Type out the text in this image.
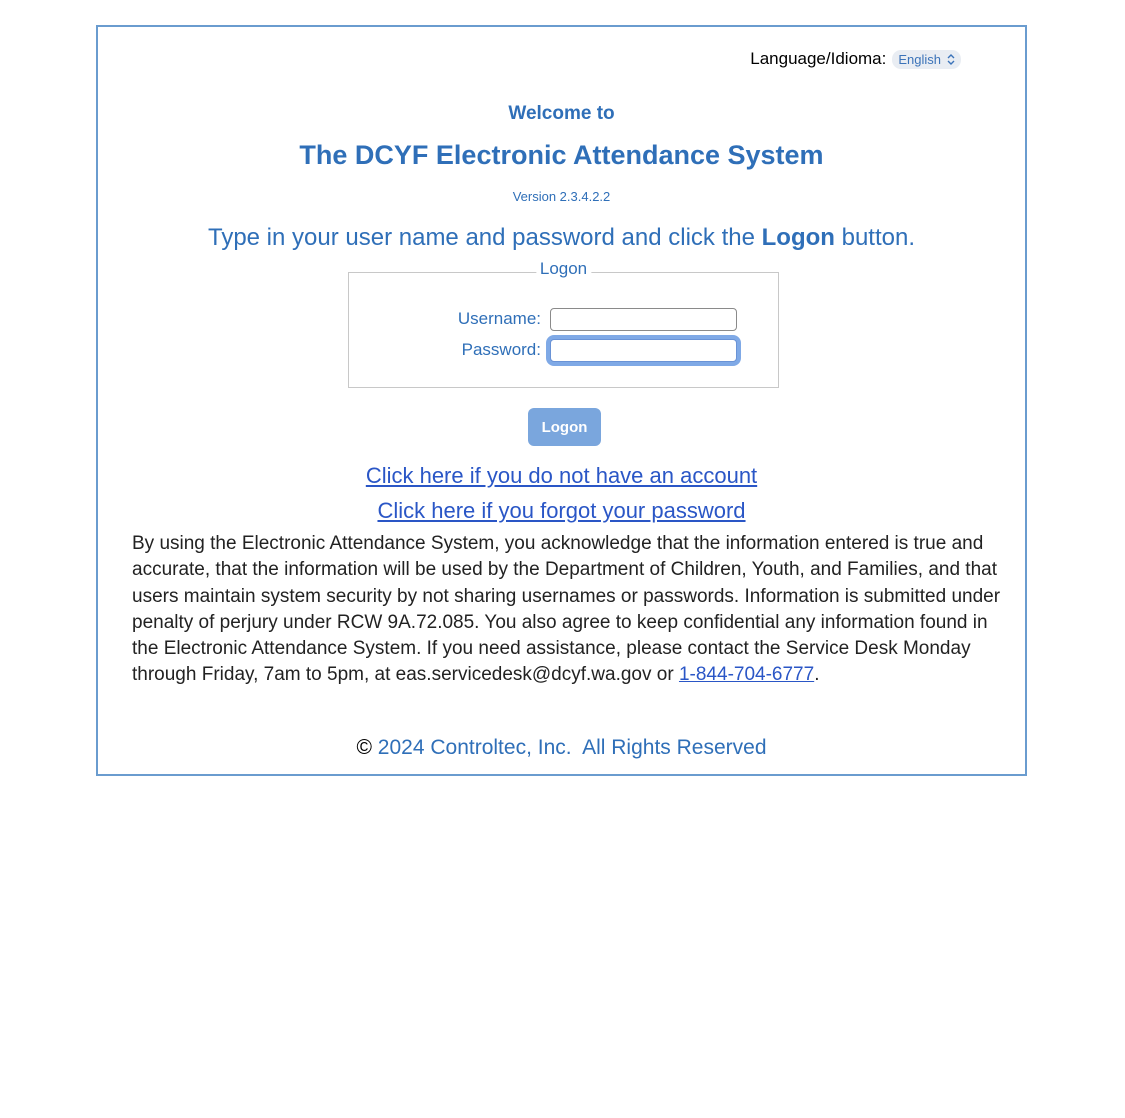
Language/Idioma: English
Welcome to
The DCYF Electronic Attendance System
Version 2.3.4.2.2
Type in your user name and password and click the Logon button.
Logon
Username:
Password:
Logon
Click here if you do not have an account
Click here if you forgot your password
By using the Electronic Attendance System, you acknowledge that the information entered is true and accurate, that the information will be used by the Department of Children, Youth, and Families, and that users maintain system security by not sharing usernames or passwords. Information is submitted under penalty of perjury under RCW 9A.72.085. You also agree to keep confidential any information found in the Electronic Attendance System. If you need assistance, please contact the Service Desk Monday through Friday, 7am to 5pm, at eas.servicedesk@dcyf.wa.gov or 1-844-704-6777.
© 2024 Controltec, Inc.  All Rights Reserved
